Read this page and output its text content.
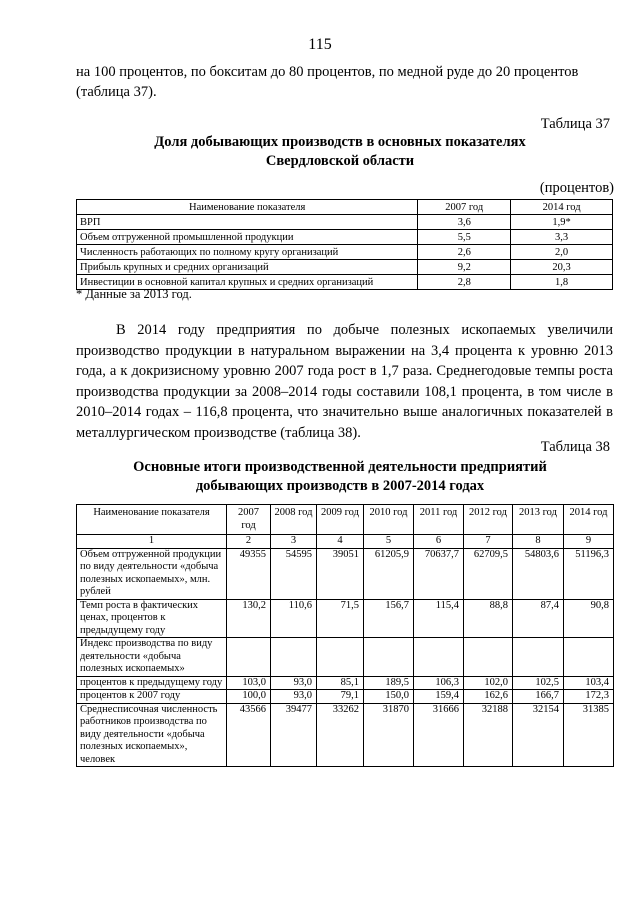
115
на 100 процентов, по бокситам до 80 процентов, по медной руде до 20 процентов (таблица 37).
Таблица 37
Доля добывающих производств в основных показателях
Свердловской области
(процентов)
Наименование показателя	2007 год	2014 год
ВРП	3,6	1,9*
Объем отгруженной промышленной продукции	5,5	3,3
Численность работающих по полному кругу организаций	2,6	2,0
Прибыль крупных и средних организаций	9,2	20,3
Инвестиции в основной капитал крупных и средних организаций	2,8	1,8
* Данные за 2013 год.
В 2014 году предприятия по добыче полезных ископаемых увеличили производство продукции в натуральном выражении на 3,4 процента к уровню 2013 года, а к докризисному уровню 2007 года рост в 1,7 раза. Среднегодовые темпы роста производства продукции за 2008–2014 годы составили 108,1 процента, в том числе в 2010–2014 годах – 116,8 процента, что значительно выше аналогичных показателей в металлургическом производстве (таблица 38).
Таблица 38
Основные итоги производственной деятельности предприятий
добывающих производств в 2007-2014 годах
Наименование показателя	2007 год	2008 год	2009 год	2010 год	2011 год	2012 год	2013 год	2014 год
1	2	3	4	5	6	7	8	9
Объем отгруженной продукции по виду деятельности «добыча полезных ископаемых», млн. рублей	49355	54595	39051	61205,9	70637,7	62709,5	54803,6	51196,3
Темп роста в фактических ценах, процентов к предыдущему году	130,2	110,6	71,5	156,7	115,4	88,8	87,4	90,8
Индекс производства по виду деятельности «добыча полезных ископаемых»								
процентов к предыдущему году	103,0	93,0	85,1	189,5	106,3	102,0	102,5	103,4
процентов к 2007 году	100,0	93,0	79,1	150,0	159,4	162,6	166,7	172,3
Среднесписочная численность работников производства по виду деятельности «добыча полезных ископаемых», человек	43566	39477	33262	31870	31666	32188	32154	31385
